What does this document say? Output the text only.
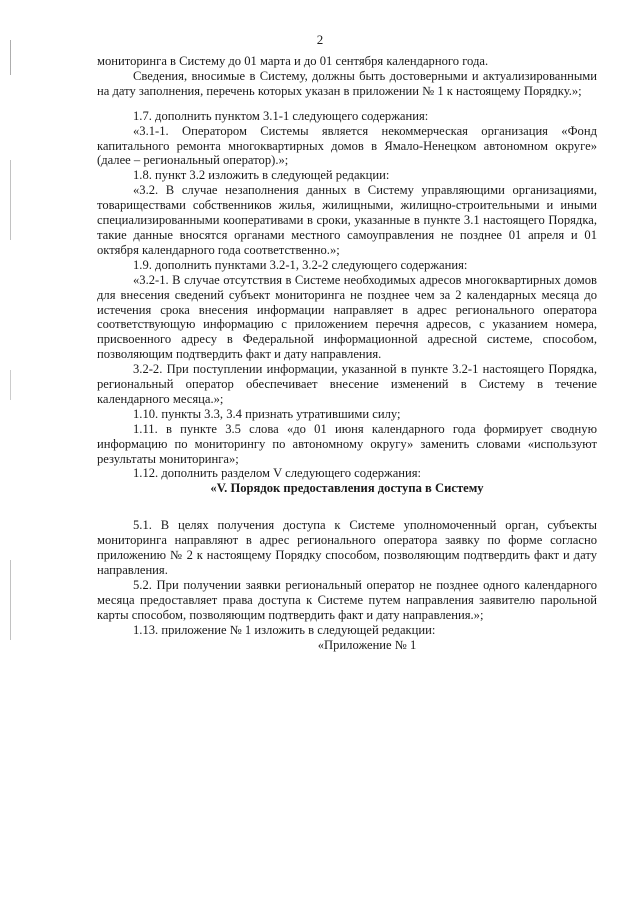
2

мониторинга в Систему до 01 марта и до 01 сентября календарного года.

Сведения, вносимые в Систему, должны быть достоверными и актуализированными на дату заполнения, перечень которых указан в приложении № 1 к настоящему Порядку.»;

1.7. дополнить пунктом 3.1-1 следующего содержания:

«3.1-1. Оператором Системы является некоммерческая организация «Фонд капитального ремонта многоквартирных домов в Ямало-Ненецком автономном округе» (далее – региональный оператор).»;

1.8. пункт 3.2 изложить в следующей редакции:

«3.2. В случае незаполнения данных в Систему управляющими организациями, товариществами собственников жилья, жилищными, жилищно-строительными и иными специализированными кооперативами в сроки, указанные в пункте 3.1 настоящего Порядка, такие данные вносятся органами местного самоуправления не позднее 01 апреля и 01 октября календарного года соответственно.»;

1.9. дополнить пунктами 3.2-1, 3.2-2 следующего содержания:

«3.2-1. В случае отсутствия в Системе необходимых адресов многоквартирных домов для внесения сведений субъект мониторинга не позднее чем за 2 календарных месяца до истечения срока внесения информации направляет в адрес регионального оператора соответствующую информацию с приложением перечня адресов, с указанием номера, присвоенного адресу в Федеральной информационной адресной системе, способом, позволяющим подтвердить факт и дату направления.

3.2-2. При поступлении информации, указанной в пункте 3.2-1 настоящего Порядка, региональный оператор обеспечивает внесение изменений в Систему в течение календарного месяца.»;

1.10. пункты 3.3, 3.4 признать утратившими силу;

1.11. в пункте 3.5 слова «до 01 июня календарного года формирует сводную информацию по мониторингу по автономному округу» заменить словами «используют результаты мониторинга»;

1.12. дополнить разделом V следующего содержания:

«V. Порядок предоставления доступа в Систему

5.1. В целях получения доступа к Системе уполномоченный орган, субъекты мониторинга направляют в адрес регионального оператора заявку по форме согласно приложению № 2 к настоящему Порядку способом, позволяющим подтвердить факт и дату направления.

5.2. При получении заявки региональный оператор не позднее одного календарного месяца предоставляет права доступа к Системе путем направления заявителю парольной карты способом, позволяющим подтвердить факт и дату направления.»;

1.13. приложение № 1 изложить в следующей редакции:

«Приложение № 1
